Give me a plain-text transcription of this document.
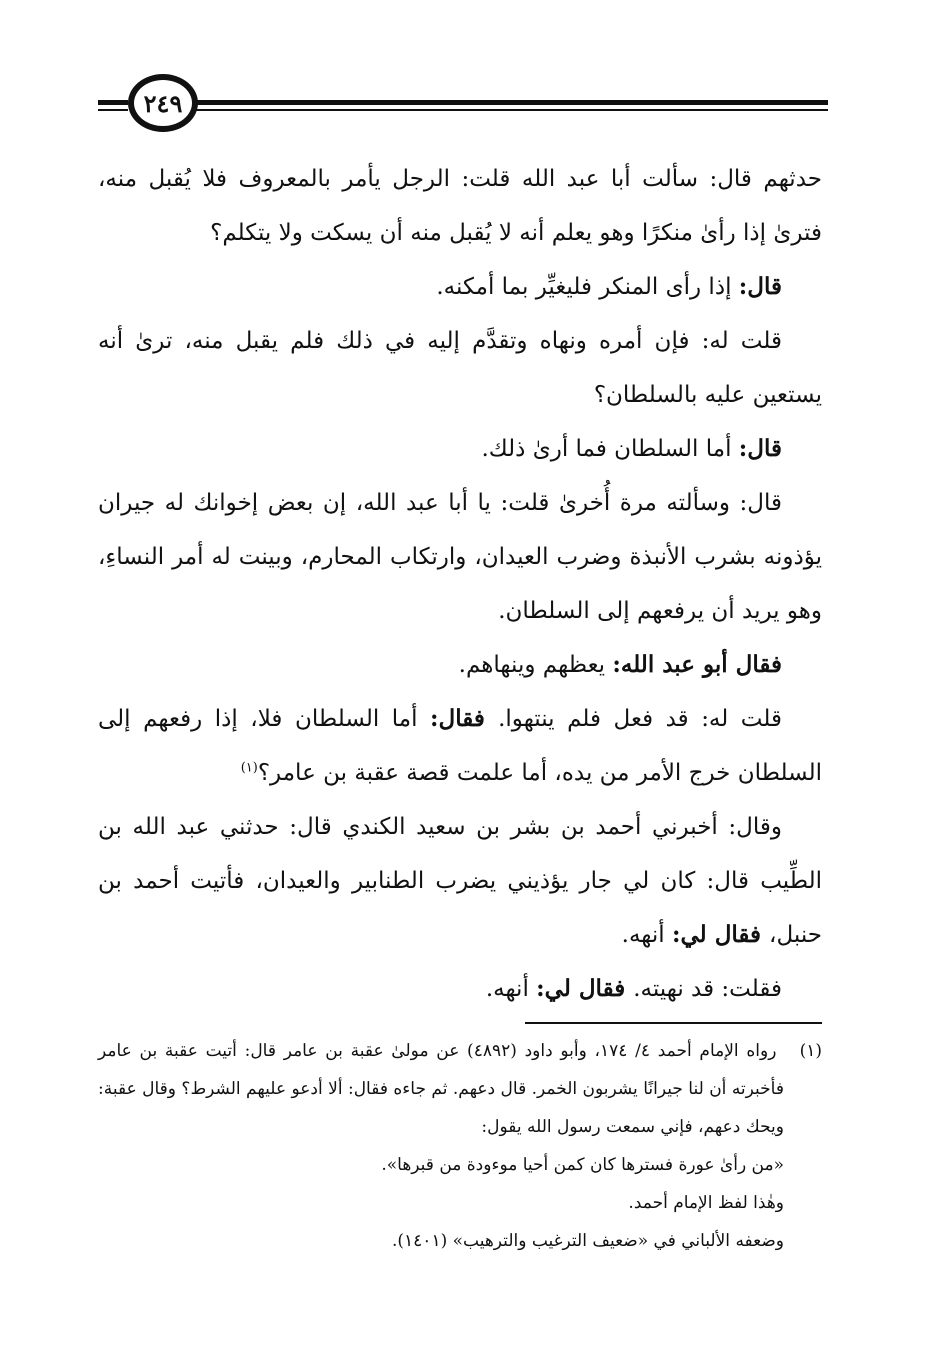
٢٤٩

حدثهم قال: سألت أبا عبد الله قلت: الرجل يأمر بالمعروف فلا يُقبل منه، فترىٰ إذا رأىٰ منكرًا وهو يعلم أنه لا يُقبل منه أن يسكت ولا يتكلم؟

قال: إذا رأى المنكر فليغيِّر بما أمكنه.

قلت له: فإن أمره ونهاه وتقدَّم إليه في ذلك فلم يقبل منه، ترىٰ أنه يستعين عليه بالسلطان؟

قال: أما السلطان فما أرىٰ ذلك.

قال: وسألته مرة أُخرىٰ قلت: يا أبا عبد الله، إن بعض إخوانك له جيران يؤذونه بشرب الأنبذة وضرب العيدان، وارتكاب المحارم، وبينت له أمر النساءِ، وهو يريد أن يرفعهم إلى السلطان.

فقال أبو عبد الله: يعظهم وينهاهم.

قلت له: قد فعل فلم ينتهوا. فقال: أما السلطان فلا، إذا رفعهم إلى السلطان خرج الأمر من يده، أما علمت قصة عقبة بن عامر؟$^{(١)}$

وقال: أخبرني أحمد بن بشر بن سعيد الكندي قال: حدثني عبد الله بن الطِّيب قال: كان لي جار يؤذيني يضرب الطنابير والعيدان، فأتيت أحمد بن حنبل، فقال لي: أنهه.

فقلت: قد نهيته. فقال لي: أنهه.

(١)   رواه الإمام أحمد ٤/ ١٧٤، وأبو داود (٤٨٩٢) عن مولىٰ عقبة بن عامر قال: أتيت عقبة بن عامر فأخبرته أن لنا جيرانًا يشربون الخمر. قال دعهم. ثم جاءه فقال: ألا أدعو عليهم الشرط؟ وقال عقبة: ويحك دعهم، فإني سمعت رسول الله يقول:

«من رأىٰ عورة فسترها كان كمن أحيا موءودة من قبرها».

وهٰذا لفظ الإمام أحمد.

وضعفه الألباني في «ضعيف الترغيب والترهيب» (١٤٠١).
